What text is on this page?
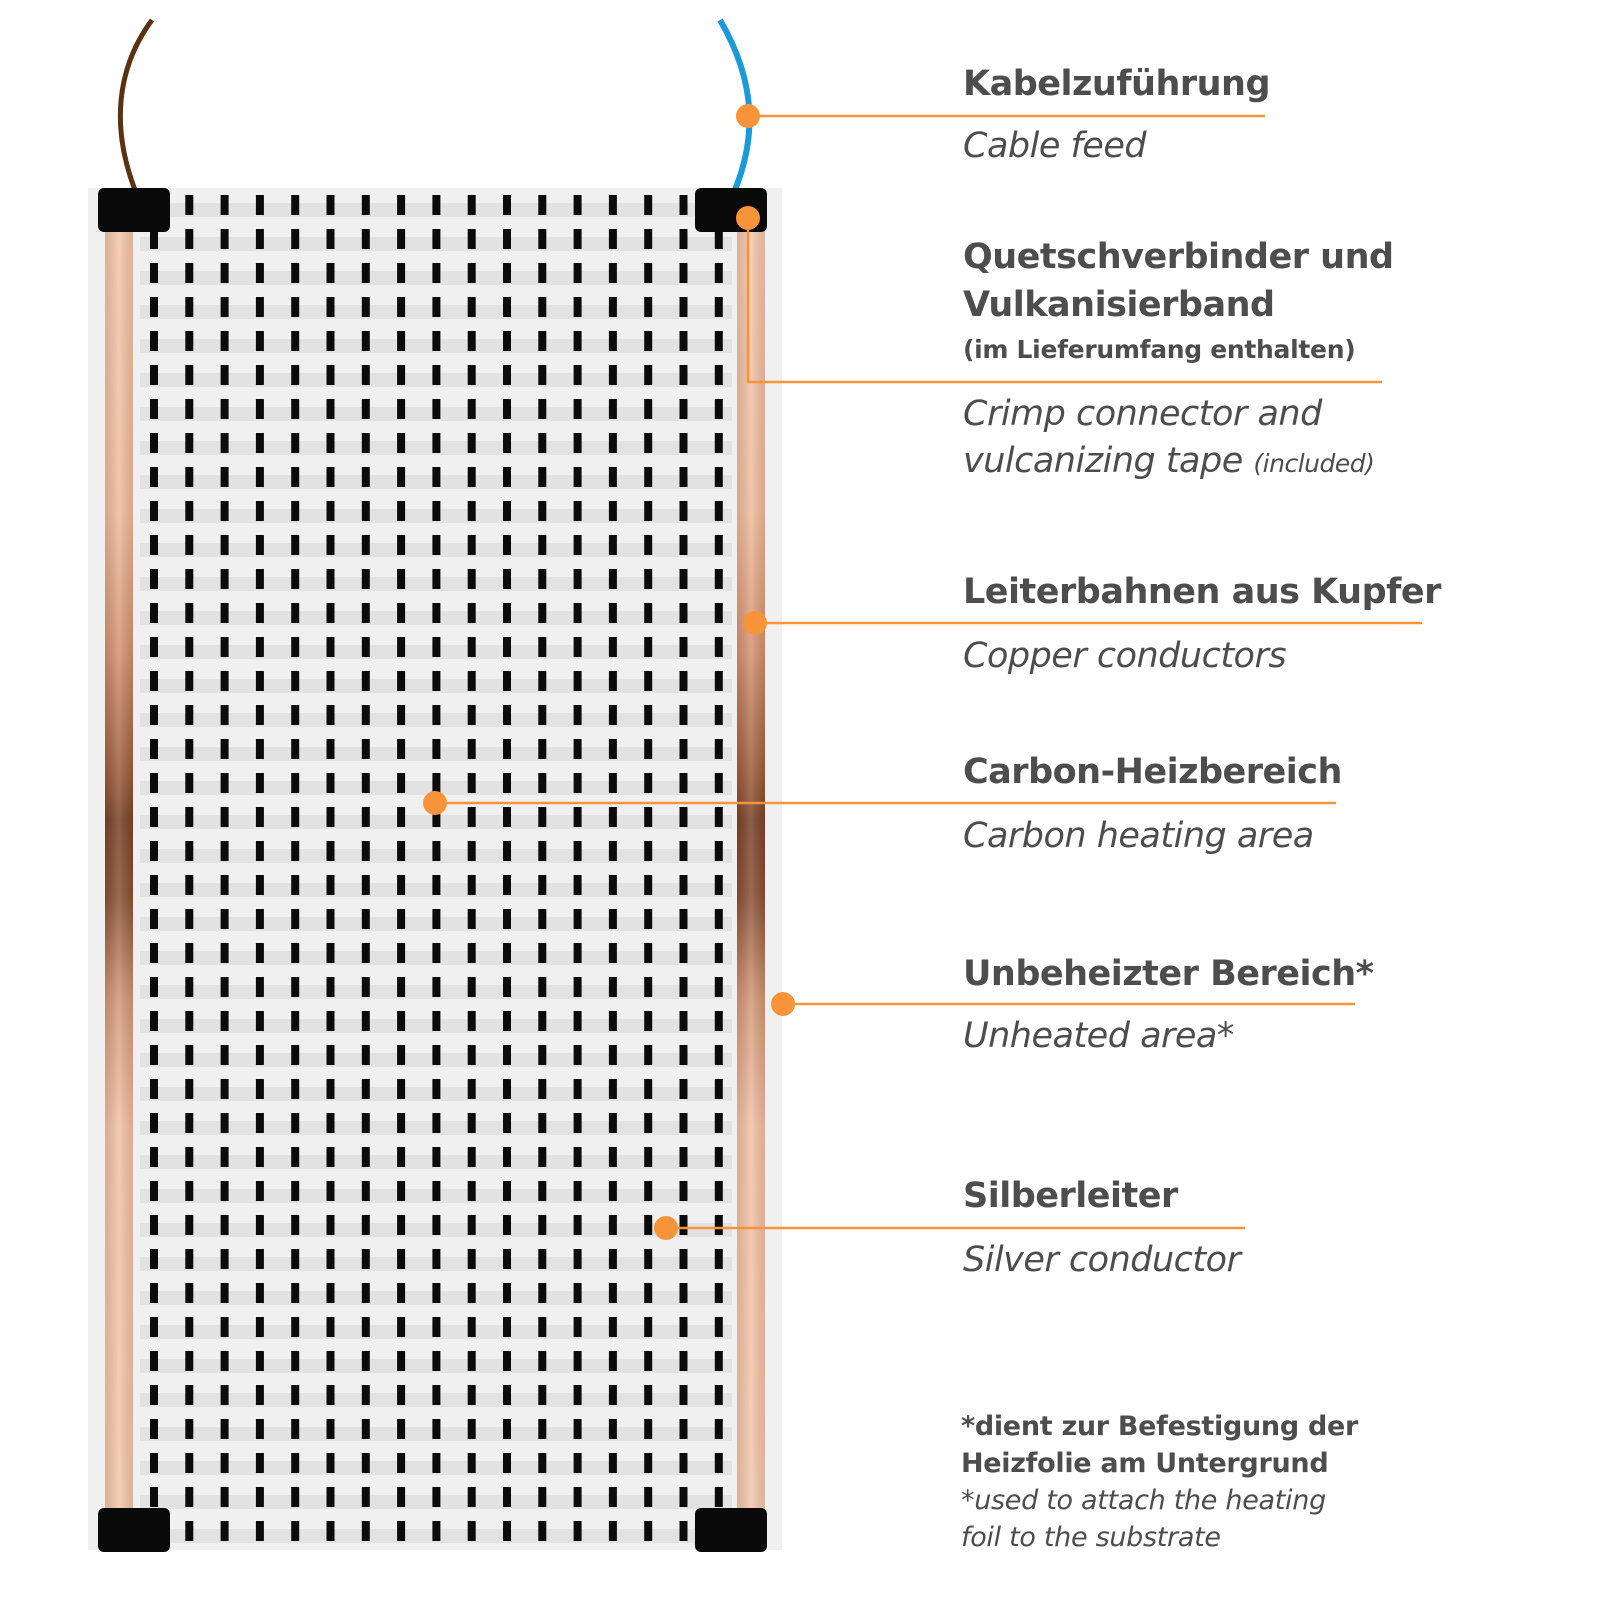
Kabelzuführung
Cable feed
Quetschverbinder und
Vulkanisierband
(im Lieferumfang enthalten)
Crimp connector and
vulcanizing tape (included)
Leiterbahnen aus Kupfer
Copper conductors
Carbon-Heizbereich
Carbon heating area
Unbeheizter Bereich*
Unheated area*
Silberleiter
Silver conductor
*dient zur Befestigung der
Heizfolie am Untergrund
*used to attach the heating
foil to the substrate
